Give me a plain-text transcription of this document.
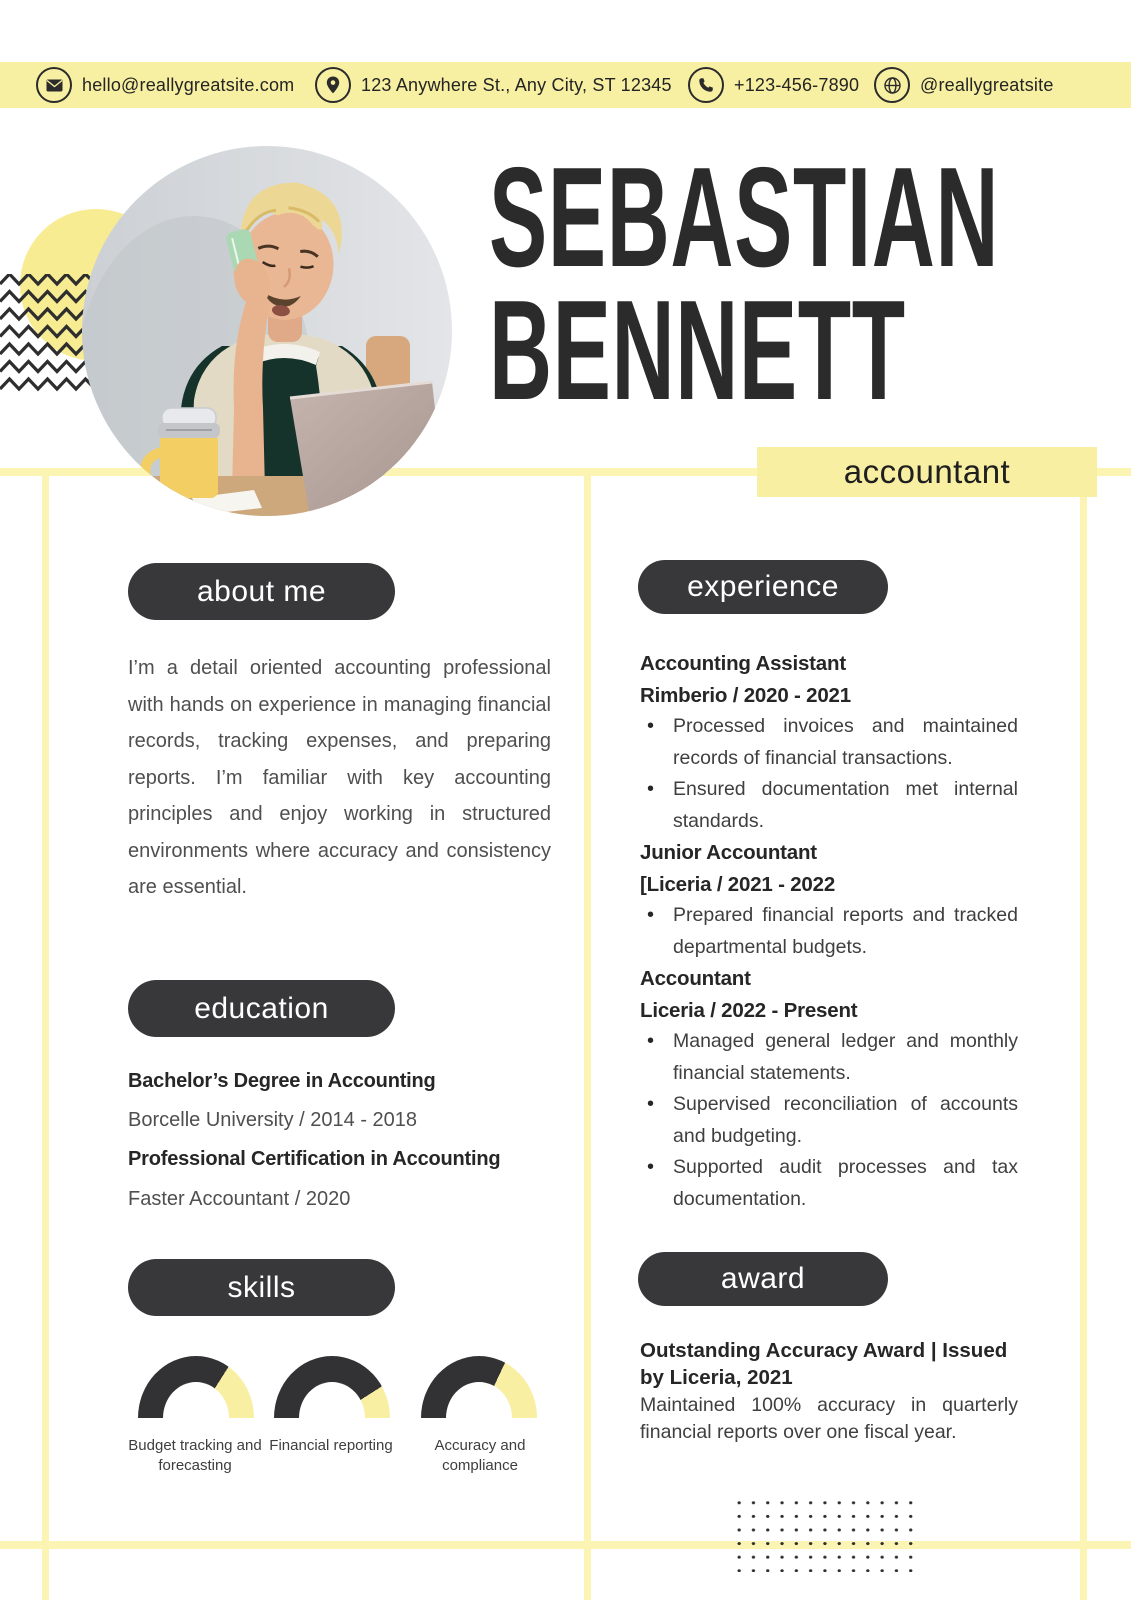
hello@reallygreatsite.com	123 Anywhere St., Any City, ST 12345	+123-456-7890	@reallygreatsite
SEBASTIAN
BENNETT
accountant
about me

I’m a detail oriented accounting professional with hands on experience in managing financial records, tracking expenses, and preparing reports. I’m familiar with key accounting principles and enjoy working in structured environments where accuracy and consistency are essential.

education
Bachelor’s Degree in Accounting
Borcelle University / 2014 - 2018
Professional Certification in Accounting
Faster Accountant / 2020
skills
Budget tracking and forecasting
Financial reporting	Accuracy and compliance
experience
Accounting Assistant
Rimberio / 2020 - 2021
• Processed invoices and maintained records of financial transactions.
• Ensured documentation met internal standards.
Junior Accountant
[Liceria / 2021 - 2022
• Prepared financial reports and tracked departmental budgets.
Accountant
Liceria / 2022 - Present
• Managed general ledger and monthly financial statements.
• Supervised reconciliation of accounts and budgeting.
• Supported audit processes and tax documentation.
award
Outstanding Accuracy Award | Issued by Liceria, 2021
Maintained 100% accuracy in quarterly financial reports over one fiscal year.
